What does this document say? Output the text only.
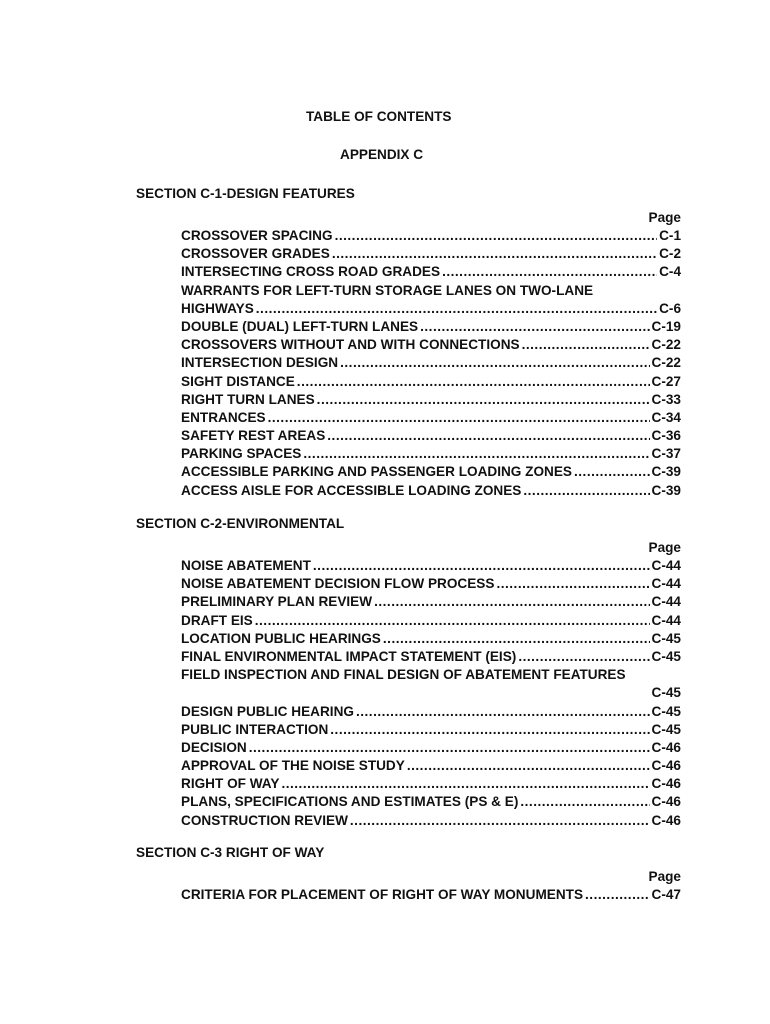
TABLE OF CONTENTS
APPENDIX C
SECTION C-1-DESIGN FEATURES
Page
CROSSOVER SPACING .....	C-1
CROSSOVER GRADES .....	C-2
INTERSECTING CROSS ROAD GRADES .....	C-4
WARRANTS FOR LEFT-TURN STORAGE LANES ON TWO-LANE
HIGHWAYS .....	C-6
DOUBLE (DUAL) LEFT-TURN LANES .....	C-19
CROSSOVERS WITHOUT AND WITH CONNECTIONS .....	C-22
INTERSECTION DESIGN .....	C-22
SIGHT DISTANCE .....	C-27
RIGHT TURN LANES .....	C-33
ENTRANCES .....	C-34
SAFETY REST AREAS .....	C-36
PARKING SPACES .....	C-37
ACCESSIBLE PARKING AND PASSENGER LOADING ZONES .....	C-39
ACCESS AISLE FOR ACCESSIBLE LOADING ZONES .....	C-39
SECTION C-2-ENVIRONMENTAL
Page
NOISE ABATEMENT .....	C-44
NOISE ABATEMENT DECISION FLOW PROCESS .....	C-44
PRELIMINARY PLAN REVIEW .....	C-44
DRAFT EIS .....	C-44
LOCATION PUBLIC HEARINGS .....	C-45
FINAL ENVIRONMENTAL IMPACT STATEMENT (EIS) .....	C-45
FIELD INSPECTION AND FINAL DESIGN OF ABATEMENT FEATURES
C-45
DESIGN PUBLIC HEARING .....	C-45
PUBLIC INTERACTION .....	C-45
DECISION .....	C-46
APPROVAL OF THE NOISE STUDY .....	C-46
RIGHT OF WAY .....	C-46
PLANS, SPECIFICATIONS AND ESTIMATES (PS & E) .....	C-46
CONSTRUCTION REVIEW .....	C-46
SECTION C-3 RIGHT OF WAY
Page
CRITERIA FOR PLACEMENT OF RIGHT OF WAY MONUMENTS .....	C-47
